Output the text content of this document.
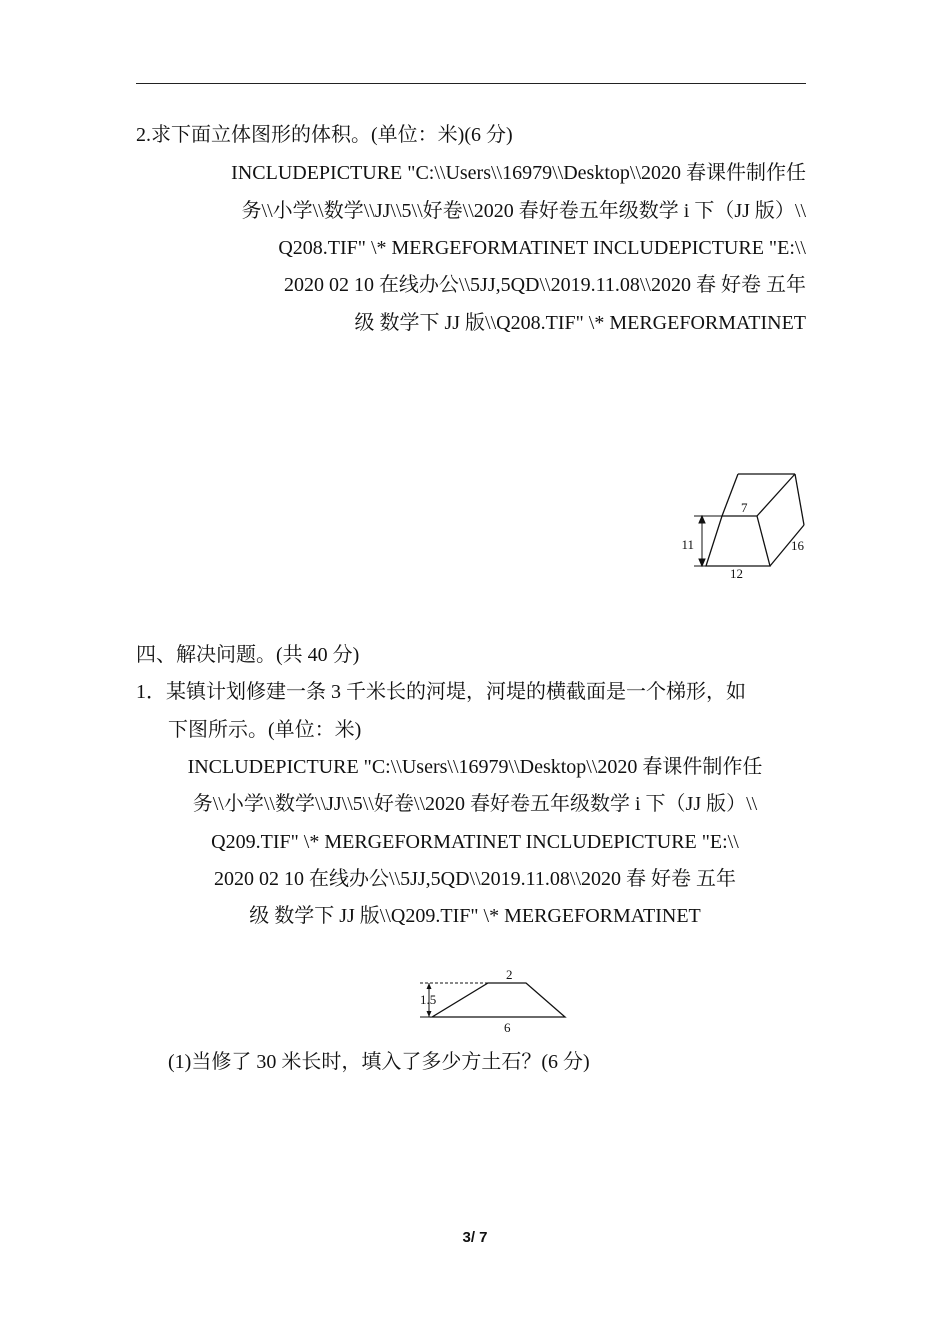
2.求下面立体图形的体积。(单位：米)(6 分)
INCLUDEPICTURE "C:\\Users\\16979\\Desktop\\2020 春课件制作任
务\\小学\\数学\\JJ\\5\\好卷\\2020 春好卷五年级数学 i 下（JJ 版）\\
Q208.TIF" \* MERGEFORMATINET INCLUDEPICTURE "E:\\
2020 02 10 在线办公\\5JJ,5QD\\2019.11.08\\2020 春 好卷 五年
级 数学下 JJ 版\\Q208.TIF" \* MERGEFORMATINET
7
11
12
16
四、解决问题。(共 40 分)
1．某镇计划修建一条 3 千米长的河堤，河堤的横截面是一个梯形，如
下图所示。(单位：米)
INCLUDEPICTURE "C:\\Users\\16979\\Desktop\\2020 春课件制作任
务\\小学\\数学\\JJ\\5\\好卷\\2020 春好卷五年级数学 i 下（JJ 版）\\
Q209.TIF" \* MERGEFORMATINET INCLUDEPICTURE "E:\\
2020 02 10 在线办公\\5JJ,5QD\\2019.11.08\\2020 春 好卷 五年
级 数学下 JJ 版\\Q209.TIF" \* MERGEFORMATINET
2
1.5
6
(1)当修了 30 米长时，填入了多少方土石？(6 分)
3/ 7
